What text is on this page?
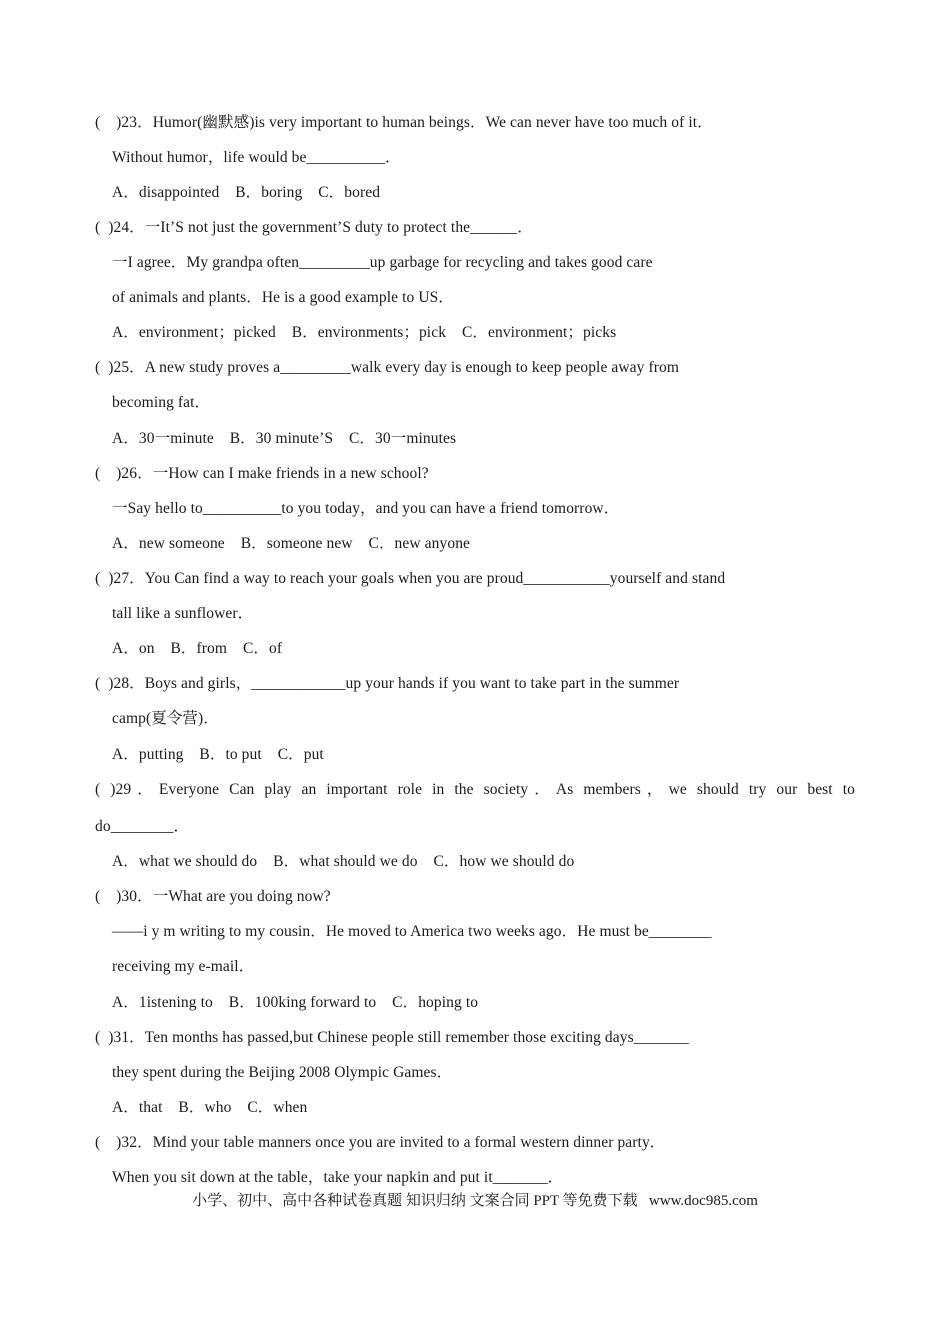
(    )23．Humor(幽默感)is very important to human beings．We can never have too much of it．
Without humor，life would be__________．
A．disappointed    B．boring    C．bored
(  )24．一It’S not just the government’S duty to protect the______．
一I agree．My grandpa often_________up garbage for recycling and takes good care
of animals and plants．He is a good example to US．
A．environment；picked    B．environments；pick    C．environment；picks
(  )25．A new study proves a_________walk every day is enough to keep people away from
becoming fat．
A．30一minute    B．30 minute’S    C．30一minutes
(    )26．一How can I make friends in a new school?
一Say hello to__________to you today，and you can have a friend tomorrow．
A．new someone    B．someone new    C．new anyone
(  )27．You Can find a way to reach your goals when you are proud___________yourself and stand
tall like a sunflower．
A．on    B．from    C．of
(  )28．Boys and girls，____________up your hands if you want to take part in the summer
camp(夏令营)．
A．putting    B．to put    C．put
( )29．Everyone Can play an important role in the society．As members，we should try our best to
do________．
A．what we should do    B．what should we do    C．how we should do
(    )30．一What are you doing now?
——i y m writing to my cousin．He moved to America two weeks ago．He must be________
receiving my e-mail．
A．1istening to    B．100king forward to    C．hoping to
(  )31．Ten months has passed,but Chinese people still remember those exciting days_______
they spent during the Beijing 2008 Olympic Games．
A．that    B．who    C．when
(    )32．Mind your table manners once you are invited to a formal western dinner party．
When you sit down at the table，take your napkin and put it_______．
小学、初中、高中各种试卷真题 知识归纳 文案合同 PPT 等免费下载   www.doc985.com
